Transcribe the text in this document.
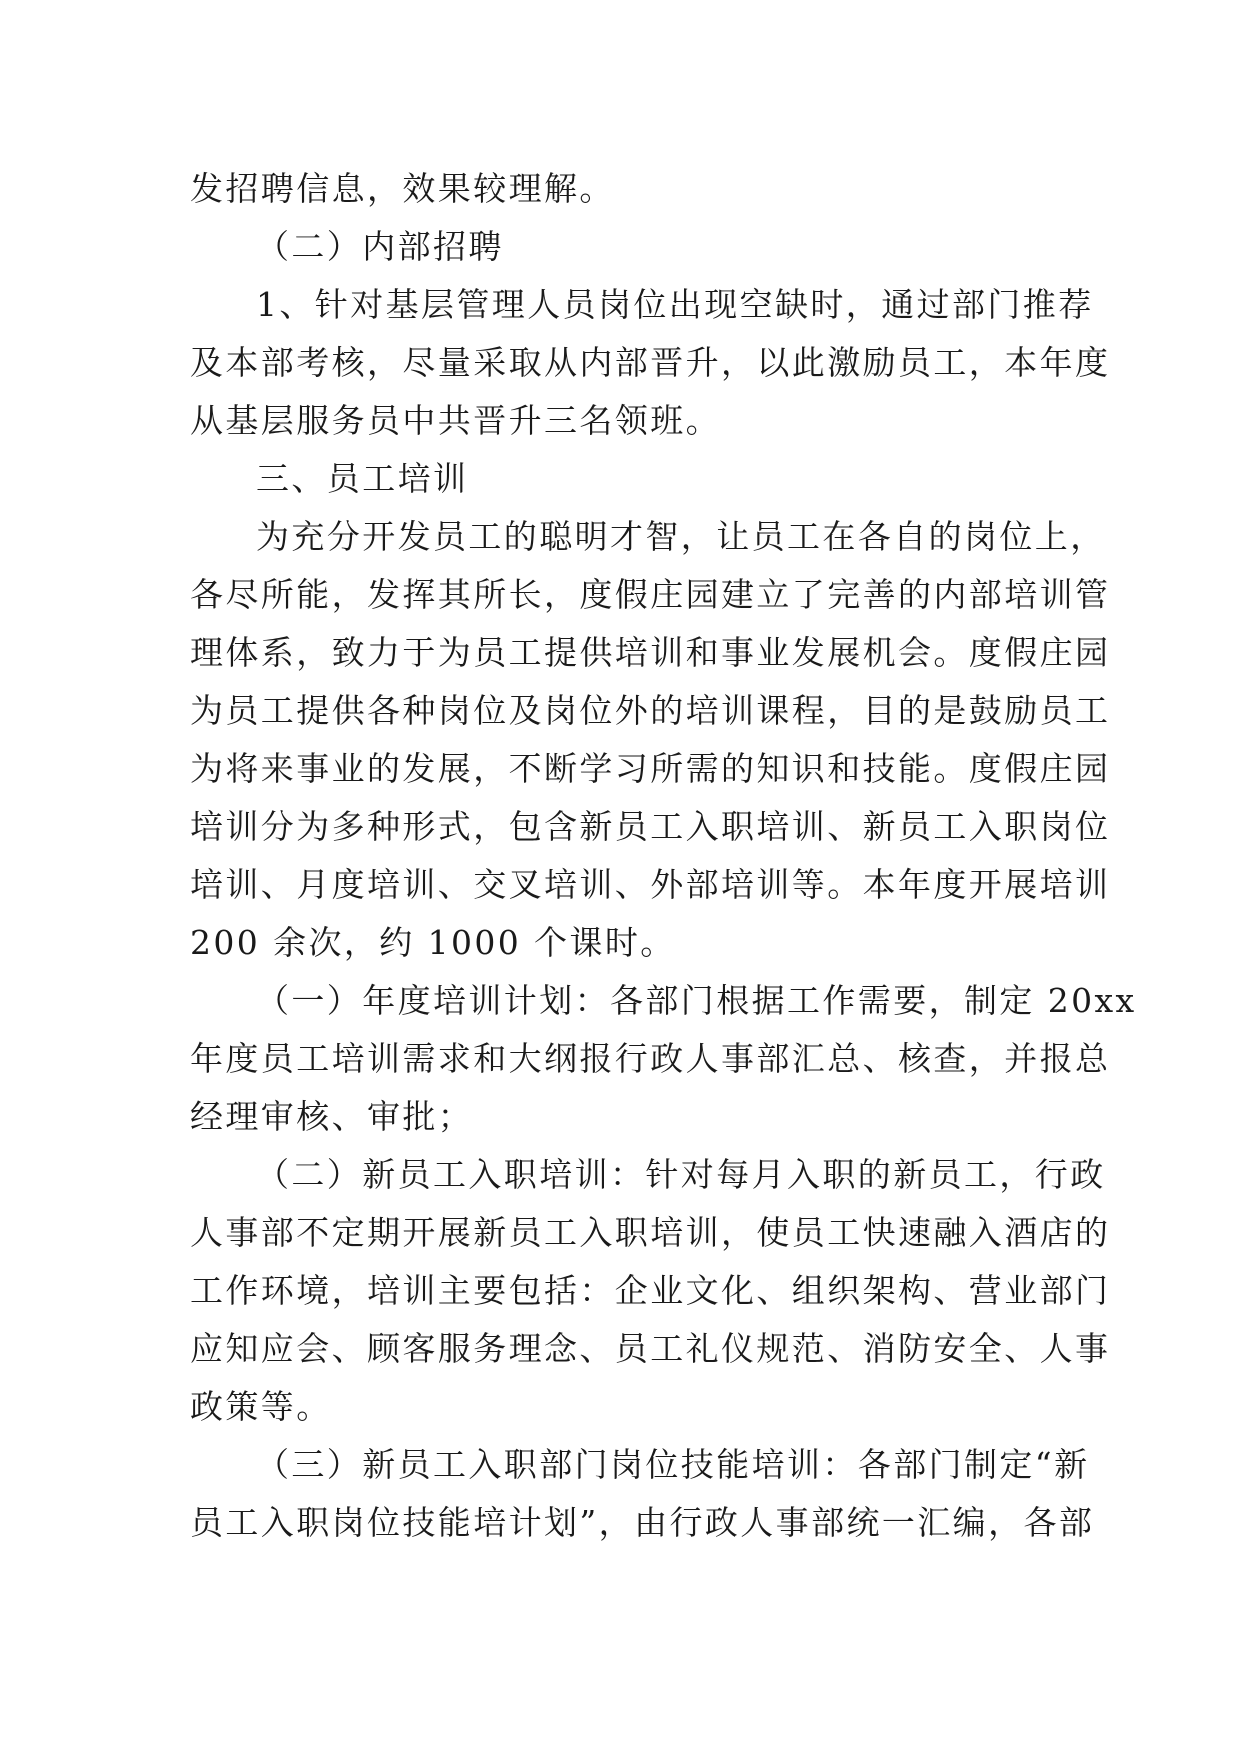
发招聘信息，效果较理解。
（二）内部招聘
1、针对基层管理人员岗位出现空缺时，通过部门推荐
及本部考核，尽量采取从内部晋升，以此激励员工，本年度
从基层服务员中共晋升三名领班。
三、员工培训
为充分开发员工的聪明才智，让员工在各自的岗位上，
各尽所能，发挥其所长，度假庄园建立了完善的内部培训管
理体系，致力于为员工提供培训和事业发展机会。度假庄园
为员工提供各种岗位及岗位外的培训课程，目的是鼓励员工
为将来事业的发展，不断学习所需的知识和技能。度假庄园
培训分为多种形式，包含新员工入职培训、新员工入职岗位
培训、月度培训、交叉培训、外部培训等。本年度开展培训
200 余次，约 1000 个课时。
（一）年度培训计划：各部门根据工作需要，制定 20xx
年度员工培训需求和大纲报行政人事部汇总、核查，并报总
经理审核、审批；
（二）新员工入职培训：针对每月入职的新员工，行政
人事部不定期开展新员工入职培训，使员工快速融入酒店的
工作环境，培训主要包括：企业文化、组织架构、营业部门
应知应会、顾客服务理念、员工礼仪规范、消防安全、人事
政策等。
（三）新员工入职部门岗位技能培训：各部门制定“新
员工入职岗位技能培计划”，由行政人事部统一汇编，各部
